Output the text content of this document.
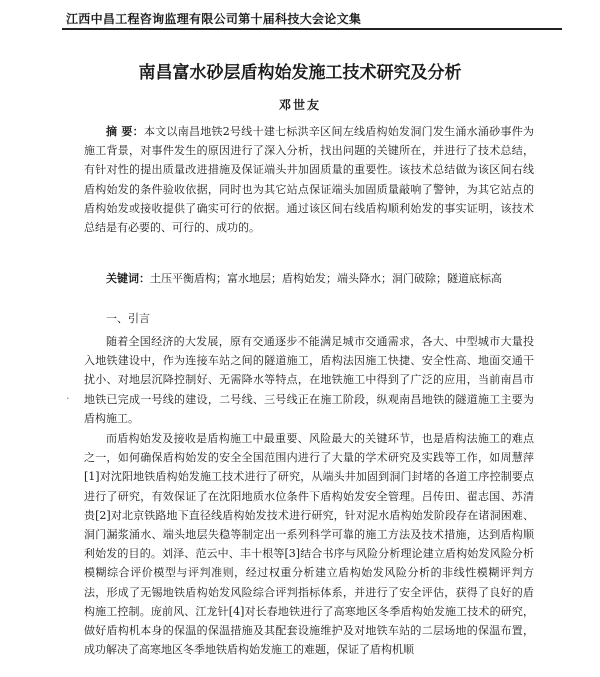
江西中昌工程咨询监理有限公司第十届科技大会论文集
南昌富水砂层盾构始发施工技术研究及分析
邓世友
摘 要：本文以南昌地铁2号线十建七标洪辛区间左线盾构始发洞门发生涌水涌砂事件为施工背景，对事件发生的原因进行了深入分析，找出问题的关键所在，并进行了技术总结，有针对性的提出质量改进措施及保证端头井加固质量的重要性。该技术总结做为该区间右线盾构始发的条件验收依据，同时也为其它站点保证端头加固质量敲响了警钟，为其它站点的盾构始发或接收提供了确实可行的依据。通过该区间右线盾构顺利始发的事实证明，该技术总结是有必要的、可行的、成功的。
关键词：土压平衡盾构；富水地层；盾构始发；端头降水；洞门破除；隧道底标高
一、引言
随着全国经济的大发展，原有交通逐步不能满足城市交通需求，各大、中型城市大量投入地铁建设中，作为连接车站之间的隧道施工，盾构法因施工快捷、安全性高、地面交通干扰小、对地层沉降控制好、无需降水等特点，在地铁施工中得到了广泛的应用，当前南昌市地铁已完成一号线的建设，二号线、三号线正在施工阶段，纵观南昌地铁的隧道施工主要为盾构施工。
·
而盾构始发及接收是盾构施工中最重要、风险最大的关键环节，也是盾构法施工的难点之一，如何确保盾构始发的安全全国范围内进行了大量的学术研究及实践等工作，如周慧萍[1]对沈阳地铁盾构始发施工技术进行了研究，从端头井加固到洞门封堵的各道工序控制要点进行了研究，有效保证了在沈阳地质水位条件下盾构始发安全管理。吕传田、翟志国、苏清贵[2]对北京铁路地下直径线盾构始发技术进行研究，针对泥水盾构始发阶段存在诸洞困难、洞门漏浆涌水、端头地层失稳等制定出一系列科学可靠的施工方法及技术措施，达到盾构顺利始发的目的。刘泽、范云中、丰十根等[3]结合书序与风险分析理论建立盾构始发风险分析模糊综合评价模型与评判准则，经过权重分析建立盾构始发风险分析的非线性模糊评判方法，形成了无锡地铁盾构始发风险综合评判指标体系，并进行了安全评估，获得了良好的盾构施工控制。庞前风、江龙针[4]对长春地铁进行了高寒地区冬季盾构始发施工技术的研究，做好盾构机本身的保温的保温措施及其配套设施维护及对地铁车站的二层场地的保温布置，成功解决了高寒地区冬季地铁盾构始发施工的难题，保证了盾构机顺
